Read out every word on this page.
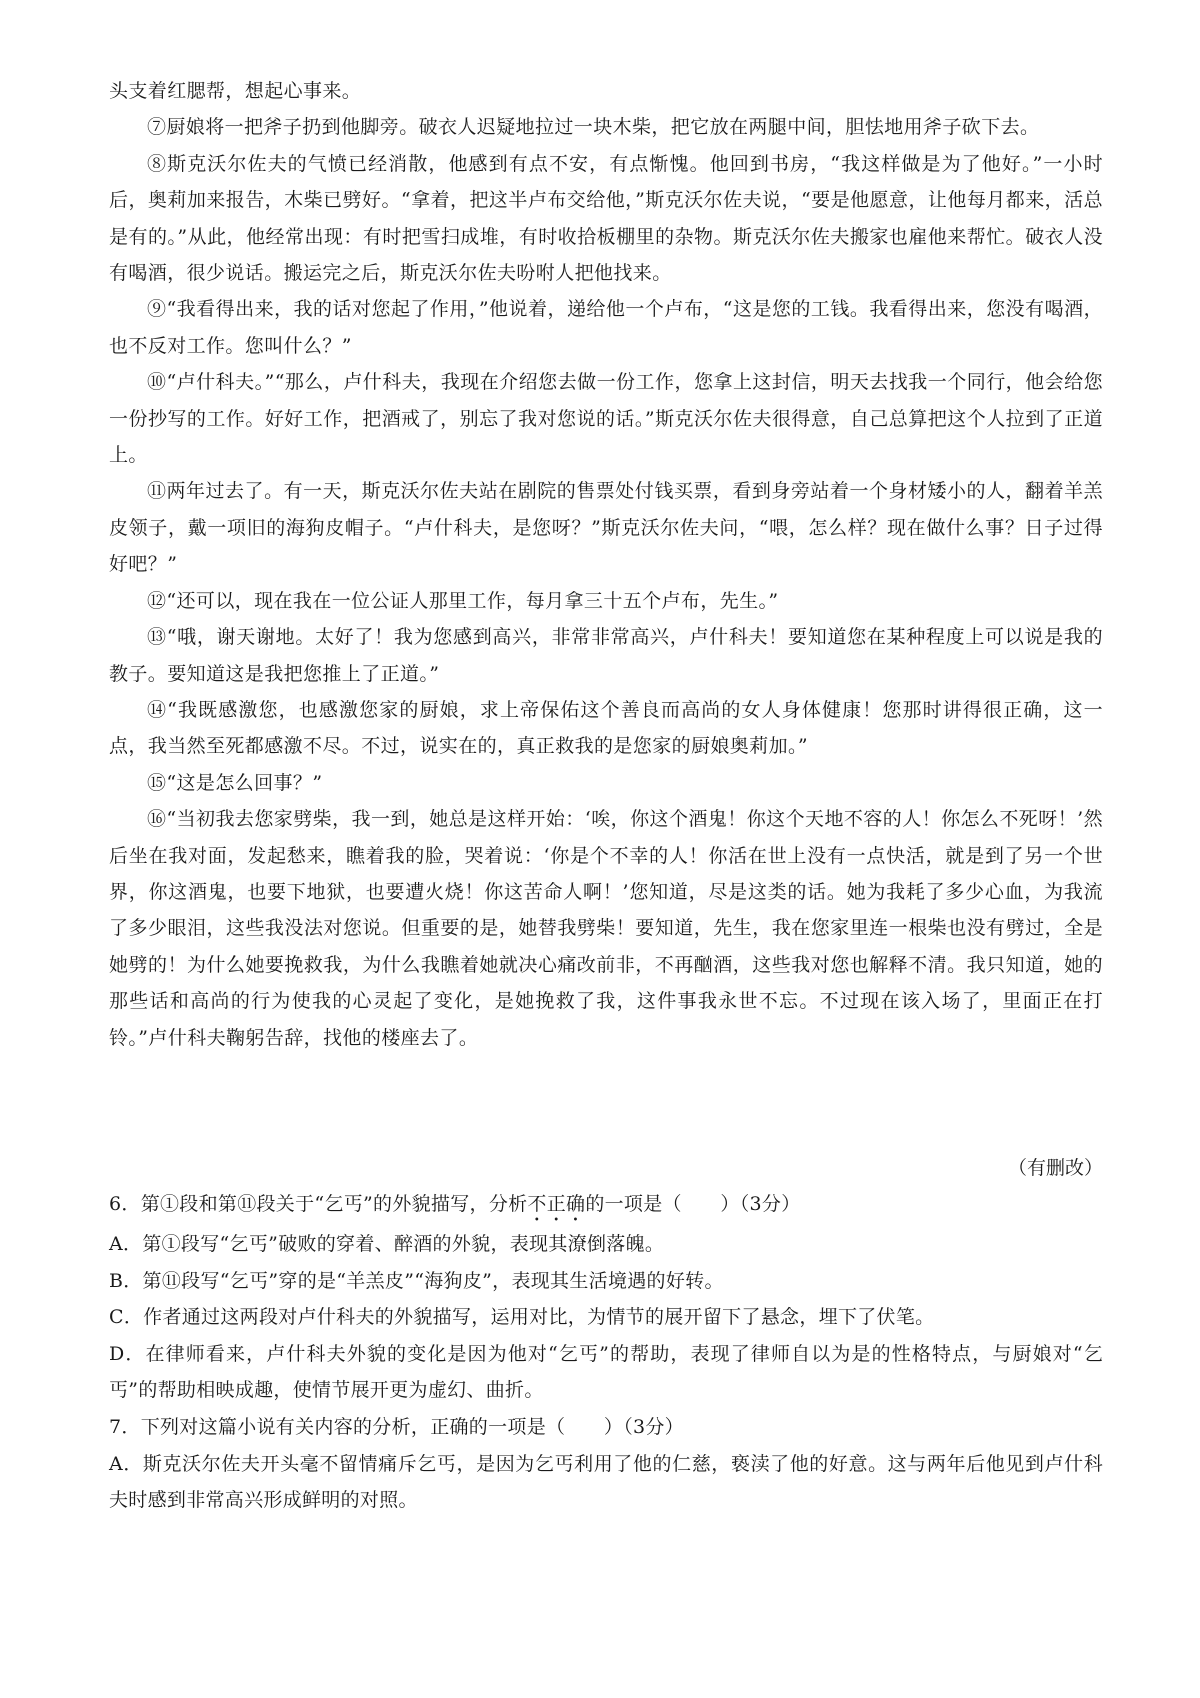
头支着红腮帮，想起心事来。

⑦厨娘将一把斧子扔到他脚旁。破衣人迟疑地拉过一块木柴，把它放在两腿中间，胆怯地用斧子砍下去。

⑧斯克沃尔佐夫的气愤已经消散，他感到有点不安，有点惭愧。他回到书房，“我这样做是为了他好。”一小时后，奥莉加来报告，木柴已劈好。“拿着，把这半卢布交给他，”斯克沃尔佐夫说，“要是他愿意，让他每月都来，活总是有的。”从此，他经常出现：有时把雪扫成堆，有时收拾板棚里的杂物。斯克沃尔佐夫搬家也雇他来帮忙。破衣人没有喝酒，很少说话。搬运完之后，斯克沃尔佐夫吩咐人把他找来。

⑨“我看得出来，我的话对您起了作用，”他说着，递给他一个卢布，“这是您的工钱。我看得出来，您没有喝酒，也不反对工作。您叫什么？”

⑩“卢什科夫。”“那么，卢什科夫，我现在介绍您去做一份工作，您拿上这封信，明天去找我一个同行，他会给您一份抄写的工作。好好工作，把酒戒了，别忘了我对您说的话。”斯克沃尔佐夫很得意，自己总算把这个人拉到了正道上。

⑪两年过去了。有一天，斯克沃尔佐夫站在剧院的售票处付钱买票，看到身旁站着一个身材矮小的人，翻着羊羔皮领子，戴一项旧的海狗皮帽子。“卢什科夫，是您呀？”斯克沃尔佐夫问，“喂，怎么样？现在做什么事？日子过得好吧？”

⑫“还可以，现在我在一位公证人那里工作，每月拿三十五个卢布，先生。”

⑬“哦，谢天谢地。太好了！我为您感到高兴，非常非常高兴，卢什科夫！要知道您在某种程度上可以说是我的教子。要知道这是我把您推上了正道。”

⑭“我既感激您，也感激您家的厨娘，求上帝保佑这个善良而高尚的女人身体健康！您那时讲得很正确，这一点，我当然至死都感激不尽。不过，说实在的，真正救我的是您家的厨娘奥莉加。”

⑮“这是怎么回事？”

⑯“当初我去您家劈柴，我一到，她总是这样开始：‘唉，你这个酒鬼！你这个天地不容的人！你怎么不死呀！’然后坐在我对面，发起愁来，瞧着我的脸，哭着说：‘你是个不幸的人！你活在世上没有一点快活，就是到了另一个世界，你这酒鬼，也要下地狱，也要遭火烧！你这苦命人啊！’您知道，尽是这类的话。她为我耗了多少心血，为我流了多少眼泪，这些我没法对您说。但重要的是，她替我劈柴！要知道，先生，我在您家里连一根柴也没有劈过，全是她劈的！为什么她要挽救我，为什么我瞧着她就决心痛改前非，不再酗酒，这些我对您也解释不清。我只知道，她的那些话和高尚的行为使我的心灵起了变化，是她挽救了我，这件事我永世不忘。不过现在该入场了，里面正在打铃。”卢什科夫鞠躬告辞，找他的楼座去了。

（有删改）

6．第①段和第⑪段关于“乞丐”的外貌描写，分析不正确的一项是（　　）（3分）

A．第①段写“乞丐”破败的穿着、醉酒的外貌，表现其潦倒落魄。

B．第⑪段写“乞丐”穿的是“羊羔皮”“海狗皮”，表现其生活境遇的好转。

C．作者通过这两段对卢什科夫的外貌描写，运用对比，为情节的展开留下了悬念，埋下了伏笔。

D．在律师看来，卢什科夫外貌的变化是因为他对“乞丐”的帮助，表现了律师自以为是的性格特点，与厨娘对“乞丐”的帮助相映成趣，使情节展开更为虚幻、曲折。

7．下列对这篇小说有关内容的分析，正确的一项是（　　）（3分）

A．斯克沃尔佐夫开头毫不留情痛斥乞丐，是因为乞丐利用了他的仁慈，亵渎了他的好意。这与两年后他见到卢什科夫时感到非常高兴形成鲜明的对照。
